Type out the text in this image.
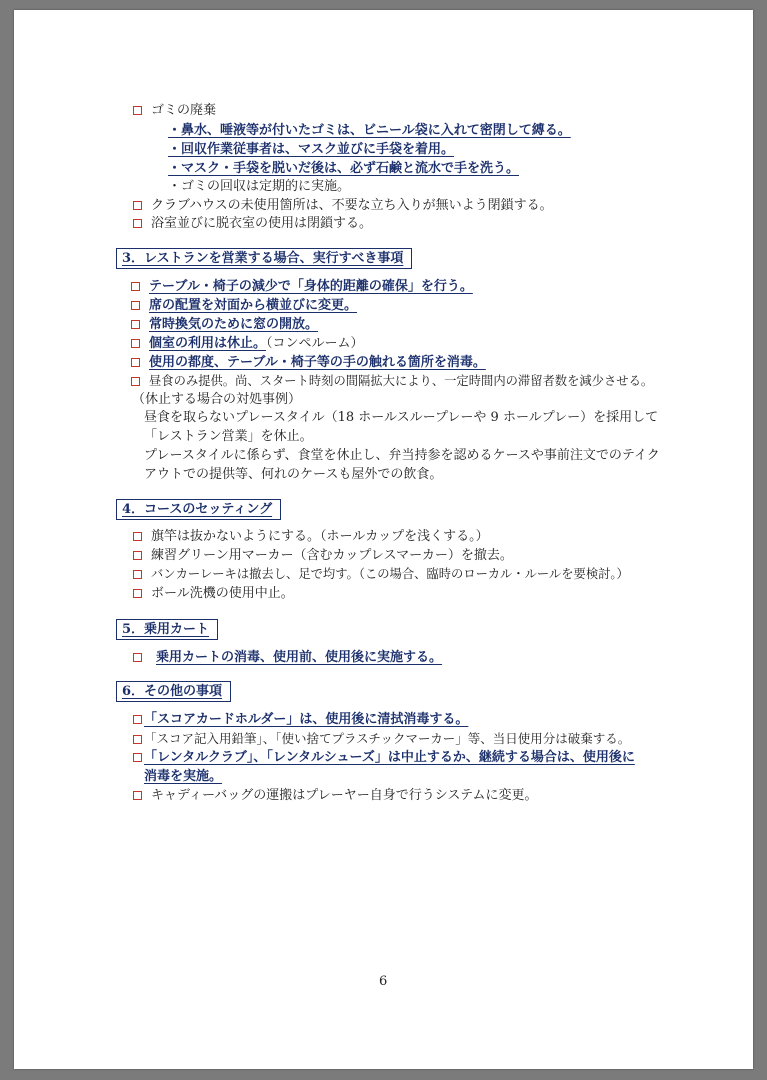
ゴミの廃棄
・鼻水、唾液等が付いたゴミは、ビニール袋に入れて密閉して縛る。
・回収作業従事者は、マスク並びに手袋を着用。
・マスク・手袋を脱いだ後は、必ず石鹸と流水で手を洗う。
・ゴミの回収は定期的に実施。
クラブハウスの未使用箇所は、不要な立ち入りが無いよう閉鎖する。
浴室並びに脱衣室の使用は閉鎖する。
3．レストランを営業する場合、実行すべき事項
テーブル・椅子の減少で「身体的距離の確保」を行う。
席の配置を対面から横並びに変更。
常時換気のために窓の開放。
個室の利用は休止。（コンペルーム）
使用の都度、テーブル・椅子等の手の触れる箇所を消毒。
昼食のみ提供。尚、スタート時刻の間隔拡大により、一定時間内の滞留者数を減少させる。
（休止する場合の対処事例）
昼食を取らないプレースタイル（18 ホールスループレーや 9 ホールプレー）を採用して
「レストラン営業」を休止。
プレースタイルに係らず、食堂を休止し、弁当持参を認めるケースや事前注文でのテイク
アウトでの提供等、何れのケースも屋外での飲食。
4．コースのセッティング
旗竿は抜かないようにする。（ホールカップを浅くする。）
練習グリーン用マーカー（含むカップレスマーカー）を撤去。
バンカーレーキは撤去し、足で均す。（この場合、臨時のローカル・ルールを要検討。）
ボール洗機の使用中止。
5．乗用カート
乗用カートの消毒、使用前、使用後に実施する。
6．その他の事項
「スコアカードホルダー」は、使用後に清拭消毒する。
「スコア記入用鉛筆」、「使い捨てプラスチックマーカー」等、当日使用分は破棄する。
「レンタルクラブ」、「レンタルシューズ」は中止するか、継続する場合は、使用後に
消毒を実施。
キャディーバッグの運搬はプレーヤー自身で行うシステムに変更。
6
